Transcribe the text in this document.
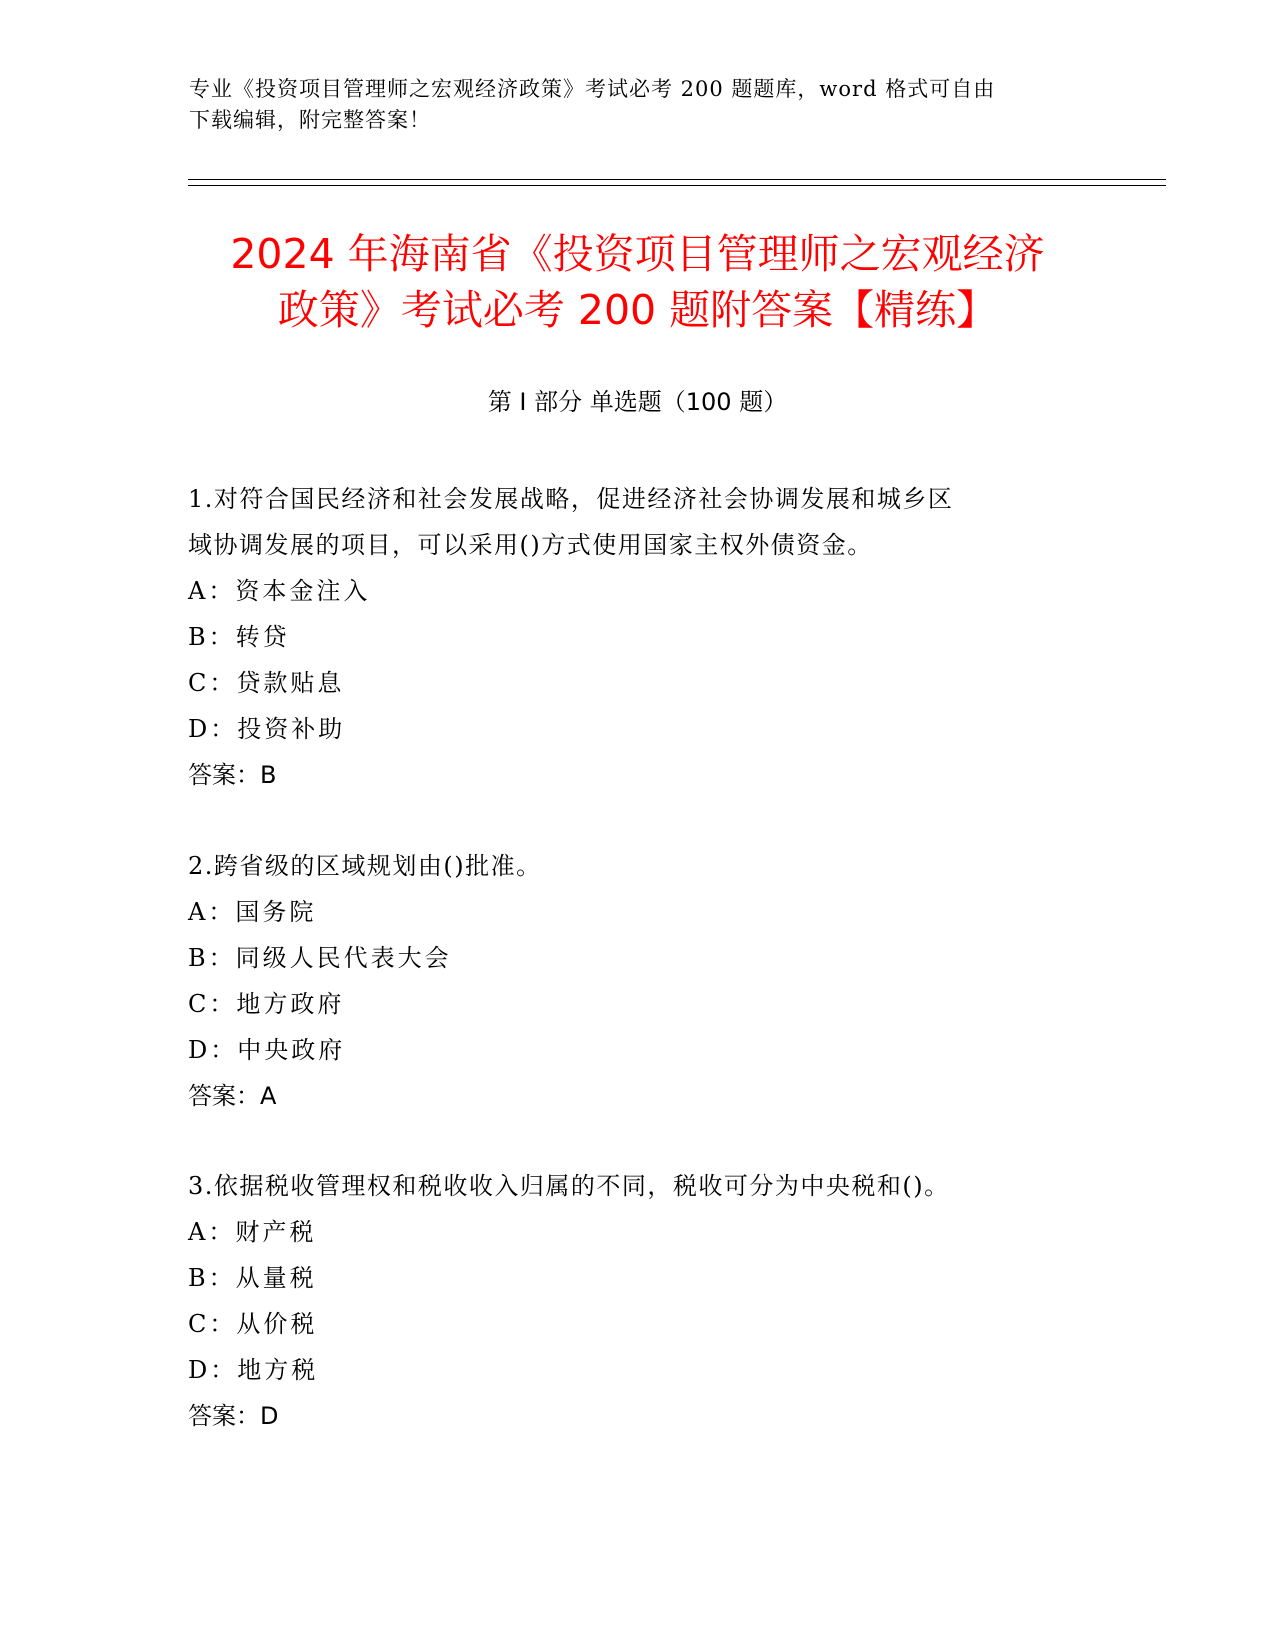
专业《投资项目管理师之宏观经济政策》考试必考 200 题题库，word 格式可自由
下载编辑，附完整答案！
2024 年海南省《投资项目管理师之宏观经济
政策》考试必考 200 题附答案【精练】
第 I 部分 单选题（100 题）
1.对符合国民经济和社会发展战略，促进经济社会协调发展和城乡区
域协调发展的项目，可以采用()方式使用国家主权外债资金。
A：资本金注入
B：转贷
C：贷款贴息
D：投资补助
答案：B
2.跨省级的区域规划由()批准。
A：国务院
B：同级人民代表大会
C：地方政府
D：中央政府
答案：A
3.依据税收管理权和税收收入归属的不同，税收可分为中央税和()。
A：财产税
B：从量税
C：从价税
D：地方税
答案：D
